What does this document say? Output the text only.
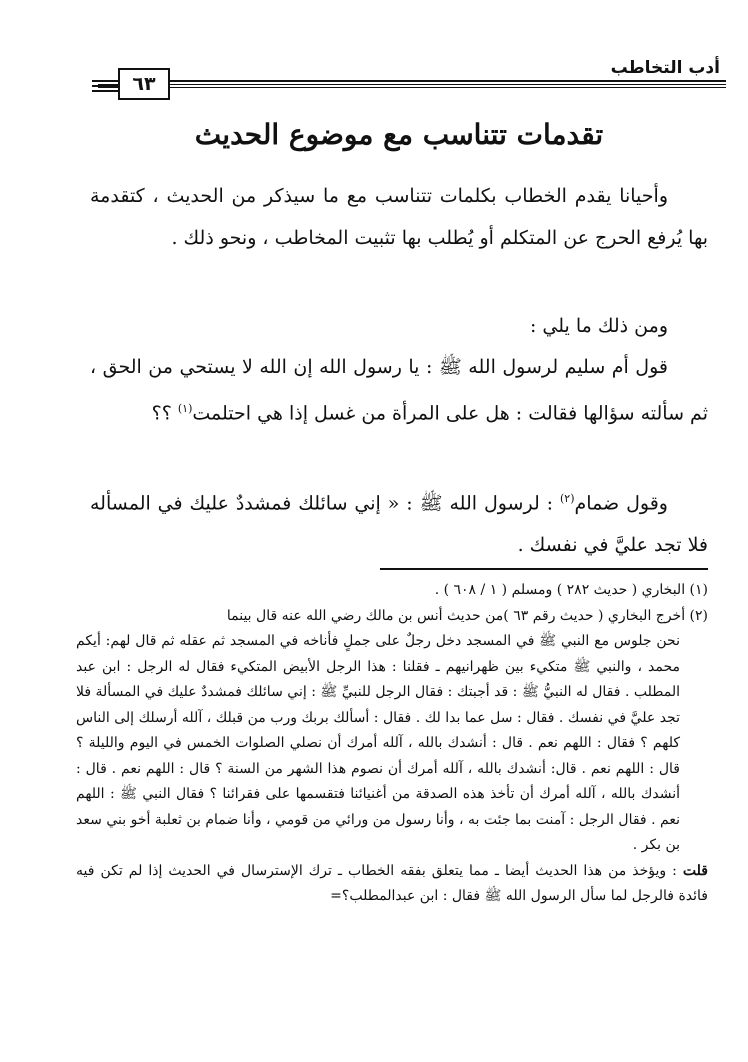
أدب التخاطب
٦٣
تقدمات تتناسب مع موضوع الحديث
وأحيانا يقدم الخطاب بكلمات تتناسب مع ما سيذكر من الحديث ، كتقدمة بها يُرفع الحرج عن المتكلم أو يُطلب بها تثبيت المخاطب ، ونحو ذلك .
ومن ذلك ما يلي :
قول أم سليم لرسول الله ﷺ : يا رسول الله إن الله لا يستحي من الحق ، ثم سألته سؤالها فقالت : هل على المرأة من غسل إذا هي احتلمت$^{(١)}$ ؟؟
وقول ضمام$^{(٢)}$ : لرسول الله ﷺ : « إني سائلك فمشددٌ عليك في المسأله فلا تجد عليَّ في نفسك .

(١) البخاري ( حديث ٢٨٢ ) ومسلم ( ١ / ٦٠٨ ) .

(٢) أخرج البخاري ( حديث رقم ٦٣ )من حديث أنس بن مالك رضي الله عنه قال بينما

نحن جلوس مع النبي ﷺ في المسجد دخل رجلٌ على جملٍ فأناخه في المسجد ثم عقله ثم قال لهم: أيكم محمد ، والنبي ﷺ متكيء بين ظهرانيهم ـ فقلنا : هذا الرجل الأبيض المتكيء فقال له الرجل : ابن عبد المطلب . فقال له النبيُّ ﷺ : قد أجبتك : فقال الرجل للنبيِّ ﷺ : إني سائلك فمشددٌ عليك في المسألة فلا تجد عليَّ في نفسك . فقال : سل عما بدا لك . فقال : أسألك بربك ورب من قبلك ، آلله أرسلك إلى الناس كلهم ؟ فقال : اللهم نعم . قال : أنشدك بالله ، آلله أمرك أن نصلي الصلوات الخمس في اليوم والليلة ؟ قال : اللهم نعم . قال: أنشدك بالله ، آلله أمرك أن نصوم هذا الشهر من السنة ؟ قال : اللهم نعم . قال : أنشدك بالله ، آلله أمرك أن تأخذ هذه الصدقة من أغنيائنا فتقسمها على فقرائنا ؟ فقال النبي ﷺ : اللهم نعم . فقال الرجل : آمنت بما جئت به ، وأنا رسول من ورائي من قومي ، وأنا ضمام بن ثعلبة أخو بني سعد بن بكر .

قلت : ويؤخذ من هذا الحديث أيضا ـ مما يتعلق بفقه الخطاب ـ ترك الإسترسال في الحديث إذا لم تكن فيه فائدة فالرجل لما سأل الرسول الله ﷺ فقال : ابن عبدالمطلب؟=
